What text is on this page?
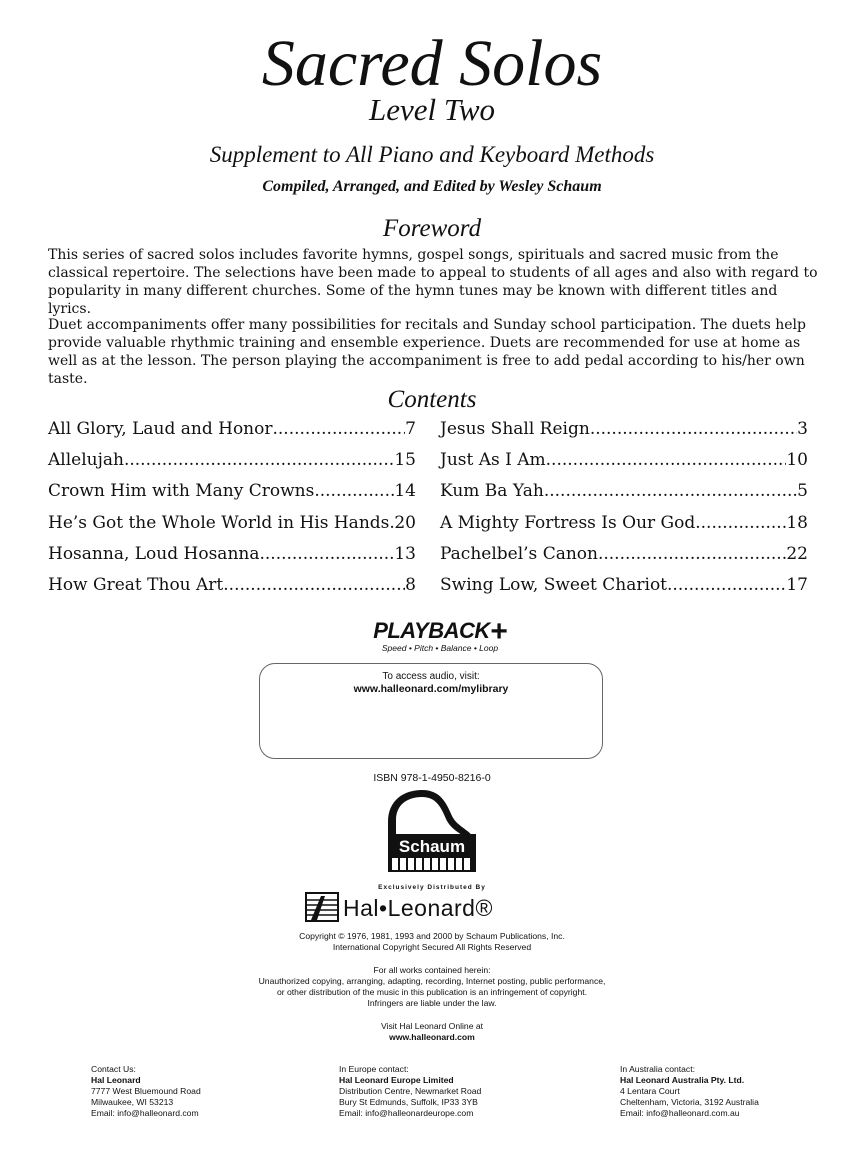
Sacred Solos
Level Two
Supplement to All Piano and Keyboard Methods
Compiled, Arranged, and Edited by Wesley Schaum
Foreword

This series of sacred solos includes favorite hymns, gospel songs, spirituals and sacred music from the classical repertoire. The selections have been made to appeal to students of all ages and also with regard to popularity in many different churches. Some of the hymn tunes may be known with different titles and lyrics.

Duet accompaniments offer many possibilities for recitals and Sunday school participation. The duets help provide valuable rhythmic training and ensemble experience. Duets are recommended for use at home as well as at the lesson. The person playing the accompaniment is free to add pedal according to his/her own taste.

Contents
All Glory, Laud and Honor .....	7
Allelujah .....	15
Crown Him with Many Crowns .....	14
He’s Got the Whole World in His Hands ..... 20
Hosanna, Loud Hosanna .....	13
How Great Thou Art .....	8
Jesus Shall Reign .....	3
Just As I Am .....	10
Kum Ba Yah .....	5
A Mighty Fortress Is Our God .....	18
Pachelbel’s Canon .....	22
Swing Low, Sweet Chariot .....	17
PLAYBACK+
Speed • Pitch • Balance • Loop
To access audio, visit:
www.halleonard.com/mylibrary
ISBN 978-1-4950-8216-0
Schaum
Exclusively Distributed By
Hal•Leonard®
Copyright © 1976, 1981, 1993 and 2000 by Schaum Publications, Inc.
International Copyright Secured All Rights Reserved
For all works contained herein:
Unauthorized copying, arranging, adapting, recording, Internet posting, public performance,
or other distribution of the music in this publication is an infringement of copyright.
Infringers are liable under the law.
Visit Hal Leonard Online at
www.halleonard.com
Contact Us:
Hal Leonard
7777 West Bluemound Road
Milwaukee, WI 53213
Email: info@halleonard.com
In Europe contact:
Hal Leonard Europe Limited
Distribution Centre, Newmarket Road
Bury St Edmunds, Suffolk, IP33 3YB
Email: info@halleonardeurope.com
In Australia contact:
Hal Leonard Australia Pty. Ltd.
4 Lentara Court
Cheltenham, Victoria, 3192 Australia
Email: info@halleonard.com.au
